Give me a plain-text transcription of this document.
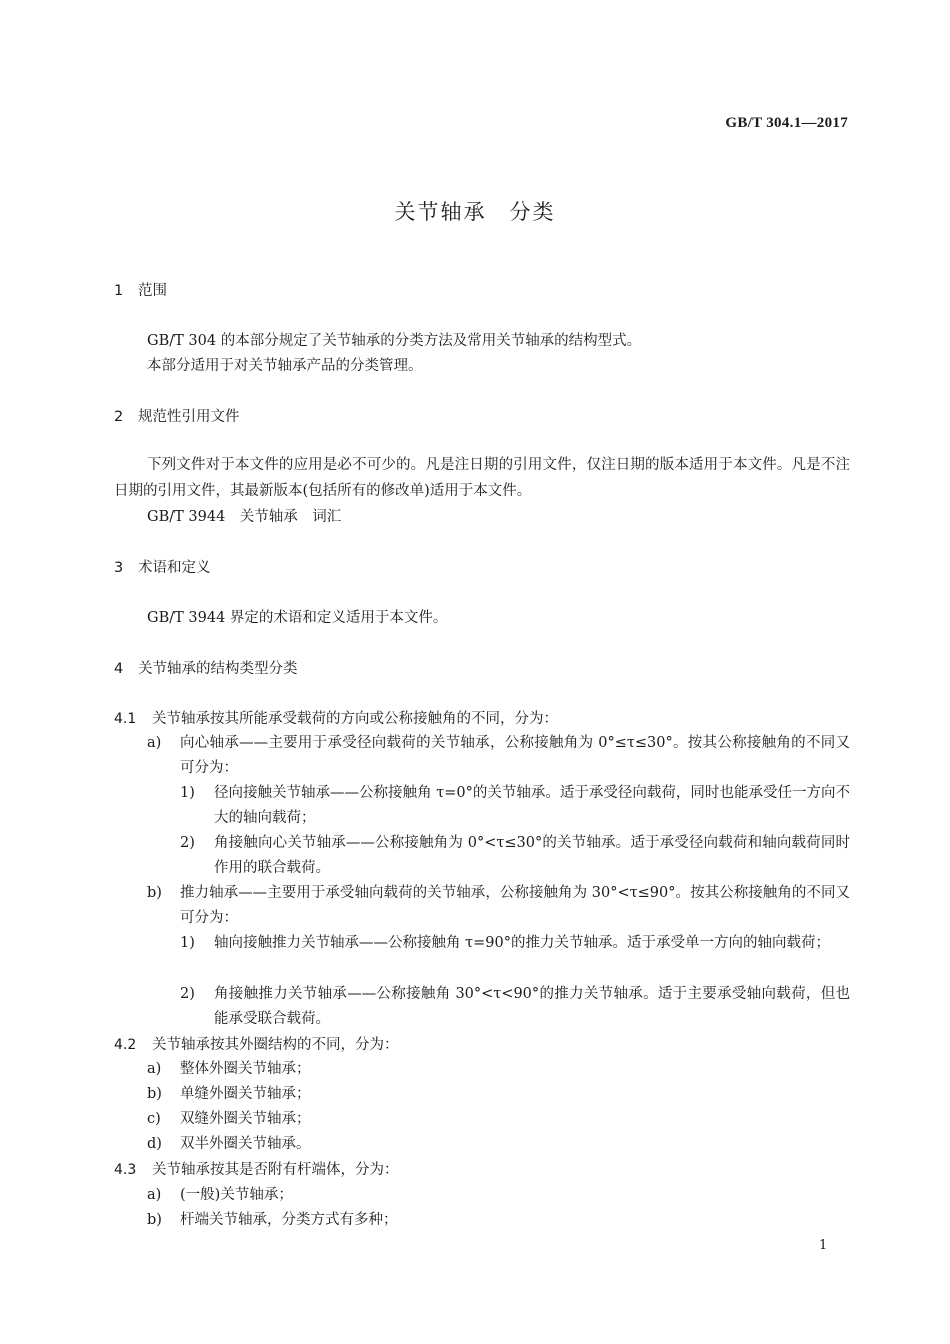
GB/T 304.1—2017
关节轴承　分类
1 范围
GB/T 304 的本部分规定了关节轴承的分类方法及常用关节轴承的结构型式。
本部分适用于对关节轴承产品的分类管理。
2 规范性引用文件
下列文件对于本文件的应用是必不可少的。凡是注日期的引用文件，仅注日期的版本适用于本文件。凡是不注日期的引用文件，其最新版本(包括所有的修改单)适用于本文件。
GB/T 3944　关节轴承　词汇
3 术语和定义
GB/T 3944 界定的术语和定义适用于本文件。
4 关节轴承的结构类型分类
4.1 关节轴承按其所能承受载荷的方向或公称接触角的不同，分为：
a) 向心轴承——主要用于承受径向载荷的关节轴承，公称接触角为 0°≤τ≤30°。按其公称接触角的不同又可分为：
1) 径向接触关节轴承——公称接触角 τ=0°的关节轴承。适于承受径向载荷，同时也能承受任一方向不大的轴向载荷；
2) 角接触向心关节轴承——公称接触角为 0°<τ≤30°的关节轴承。适于承受径向载荷和轴向载荷同时作用的联合载荷。
b) 推力轴承——主要用于承受轴向载荷的关节轴承，公称接触角为 30°<τ≤90°。按其公称接触角的不同又可分为：
1) 轴向接触推力关节轴承——公称接触角 τ=90°的推力关节轴承。适于承受单一方向的轴向载荷；
2) 角接触推力关节轴承——公称接触角 30°<τ<90°的推力关节轴承。适于主要承受轴向载荷，但也能承受联合载荷。
4.2 关节轴承按其外圈结构的不同，分为：
a) 整体外圈关节轴承；
b) 单缝外圈关节轴承；
c) 双缝外圈关节轴承；
d) 双半外圈关节轴承。
4.3 关节轴承按其是否附有杆端体，分为：
a) (一般)关节轴承；
b) 杆端关节轴承，分类方式有多种；
1
